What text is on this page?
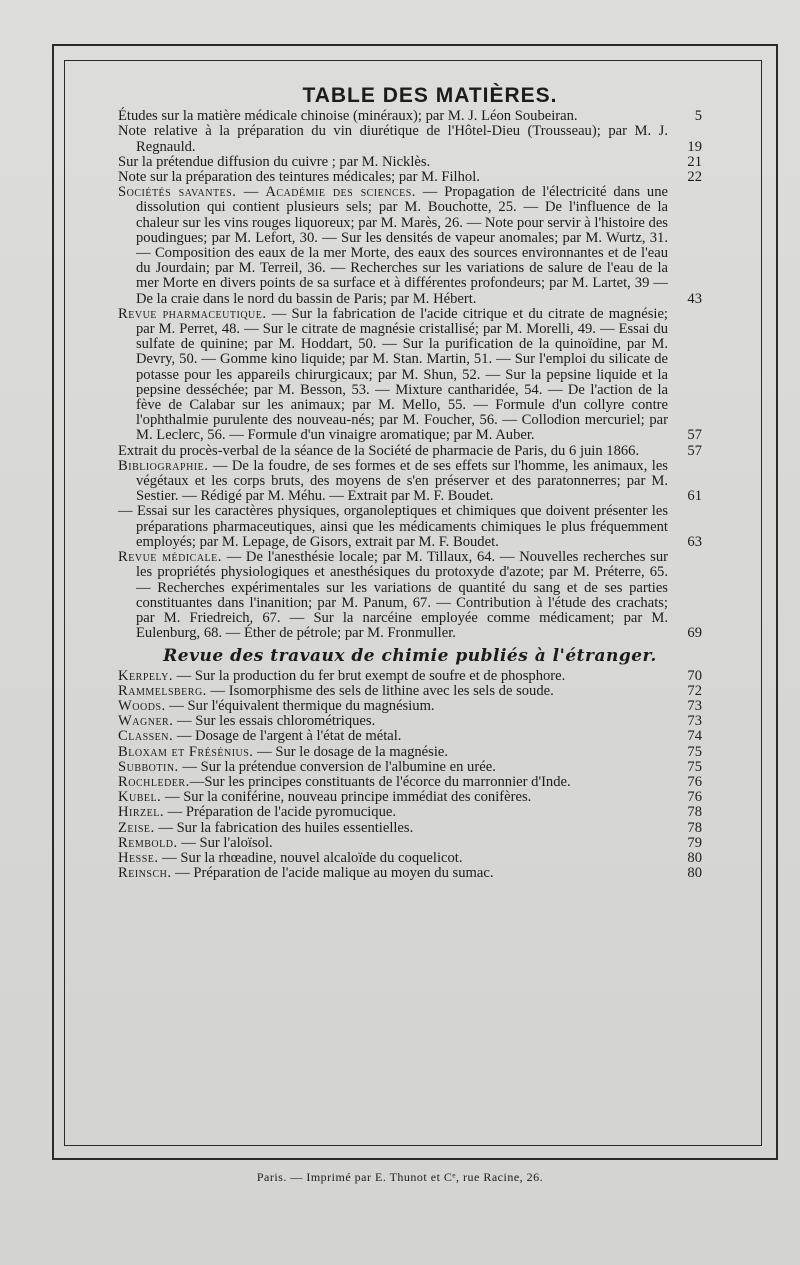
TABLE DES MATIÈRES.

Études sur la matière médicale chinoise (minéraux); par M. J. Léon Soubeiran.	5

Note relative à la préparation du vin diurétique de l'Hôtel-Dieu (Trousseau); par M. J. Regnauld.	19

Sur la prétendue diffusion du cuivre ; par M. Nicklès.	21

Note sur la préparation des teintures médicales; par M. Filhol.	22

Sociétés savantes. — Académie des sciences. — Propagation de l'électricité dans une dissolution qui contient plusieurs sels; par M. Bouchotte, 25. — De l'influence de la chaleur sur les vins rouges liquoreux; par M. Marès, 26. — Note pour servir à l'histoire des poudingues; par M. Lefort, 30. — Sur les densités de vapeur anomales; par M. Wurtz, 31. — Composition des eaux de la mer Morte, des eaux des sources environnantes et de l'eau du Jourdain; par M. Terreil, 36. — Recherches sur les variations de salure de l'eau de la mer Morte en divers points de sa surface et à différentes profondeurs; par M. Lartet, 39 — De la craie dans le nord du bassin de Paris; par M. Hébert.	43

Revue pharmaceutique. — Sur la fabrication de l'acide citrique et du citrate de magnésie; par M. Perret, 48. — Sur le citrate de magnésie cristallisé; par M. Morelli, 49. — Essai du sulfate de quinine; par M. Hoddart, 50. — Sur la purification de la quinoïdine, par M. Devry, 50. — Gomme kino liquide; par M. Stan. Martin, 51. — Sur l'emploi du silicate de potasse pour les appareils chirurgicaux; par M. Shun, 52. — Sur la pepsine liquide et la pepsine desséchée; par M. Besson, 53. — Mixture cantharidée, 54. — De l'action de la fève de Calabar sur les animaux; par M. Mello, 55. — Formule d'un collyre contre l'ophthalmie purulente des nouveau-nés; par M. Foucher, 56. — Collodion mercuriel; par M. Leclerc, 56. — Formule d'un vinaigre aromatique; par M. Auber.	57

Extrait du procès-verbal de la séance de la Société de pharmacie de Paris, du 6 juin 1866.	57

Bibliographie. — De la foudre, de ses formes et de ses effets sur l'homme, les animaux, les végétaux et les corps bruts, des moyens de s'en préserver et des paratonnerres; par M. Sestier. — Rédigé par M. Méhu. — Extrait par M. F. Boudet.	61

— Essai sur les caractères physiques, organoleptiques et chimiques que doivent présenter les préparations pharmaceutiques, ainsi que les médicaments chimiques le plus fréquemment employés; par M. Lepage, de Gisors, extrait par M. F. Boudet.	63

Revue médicale. — De l'anesthésie locale; par M. Tillaux, 64. — Nouvelles recherches sur les propriétés physiologiques et anesthésiques du protoxyde d'azote; par M. Préterre, 65. — Recherches expérimentales sur les variations de quantité du sang et de ses parties constituantes dans l'inanition; par M. Panum, 67. — Contribution à l'étude des crachats; par M. Friedreich, 67. — Sur la narcéine employée comme médicament; par M. Eulenburg, 68. — Éther de pétrole; par M. Fronmuller.	69

Revue des travaux de chimie publiés à l'étranger.

Kerpely. — Sur la production du fer brut exempt de soufre et de phosphore.	70

Rammelsberg. — Isomorphisme des sels de lithine avec les sels de soude.	72

Woods. — Sur l'équivalent thermique du magnésium.	73

Wagner. — Sur les essais chlorométriques.	73

Classen. — Dosage de l'argent à l'état de métal.	74

Bloxam et Frésénius. — Sur le dosage de la magnésie.	75

Subbotin. — Sur la prétendue conversion de l'albumine en urée.	75

Rochleder.—Sur les principes constituants de l'écorce du marronnier d'Inde.	76

Kubel. — Sur la coniférine, nouveau principe immédiat des conifères.	76

Hirzel. — Préparation de l'acide pyromucique.	78

Zeise. — Sur la fabrication des huiles essentielles.	78

Rembold. — Sur l'aloïsol.	79

Hesse. — Sur la rhœadine, nouvel alcaloïde du coquelicot.	80

Reinsch. — Préparation de l'acide malique au moyen du sumac.	80

Paris. — Imprimé par E. Thunot et Cᵉ, rue Racine, 26.
